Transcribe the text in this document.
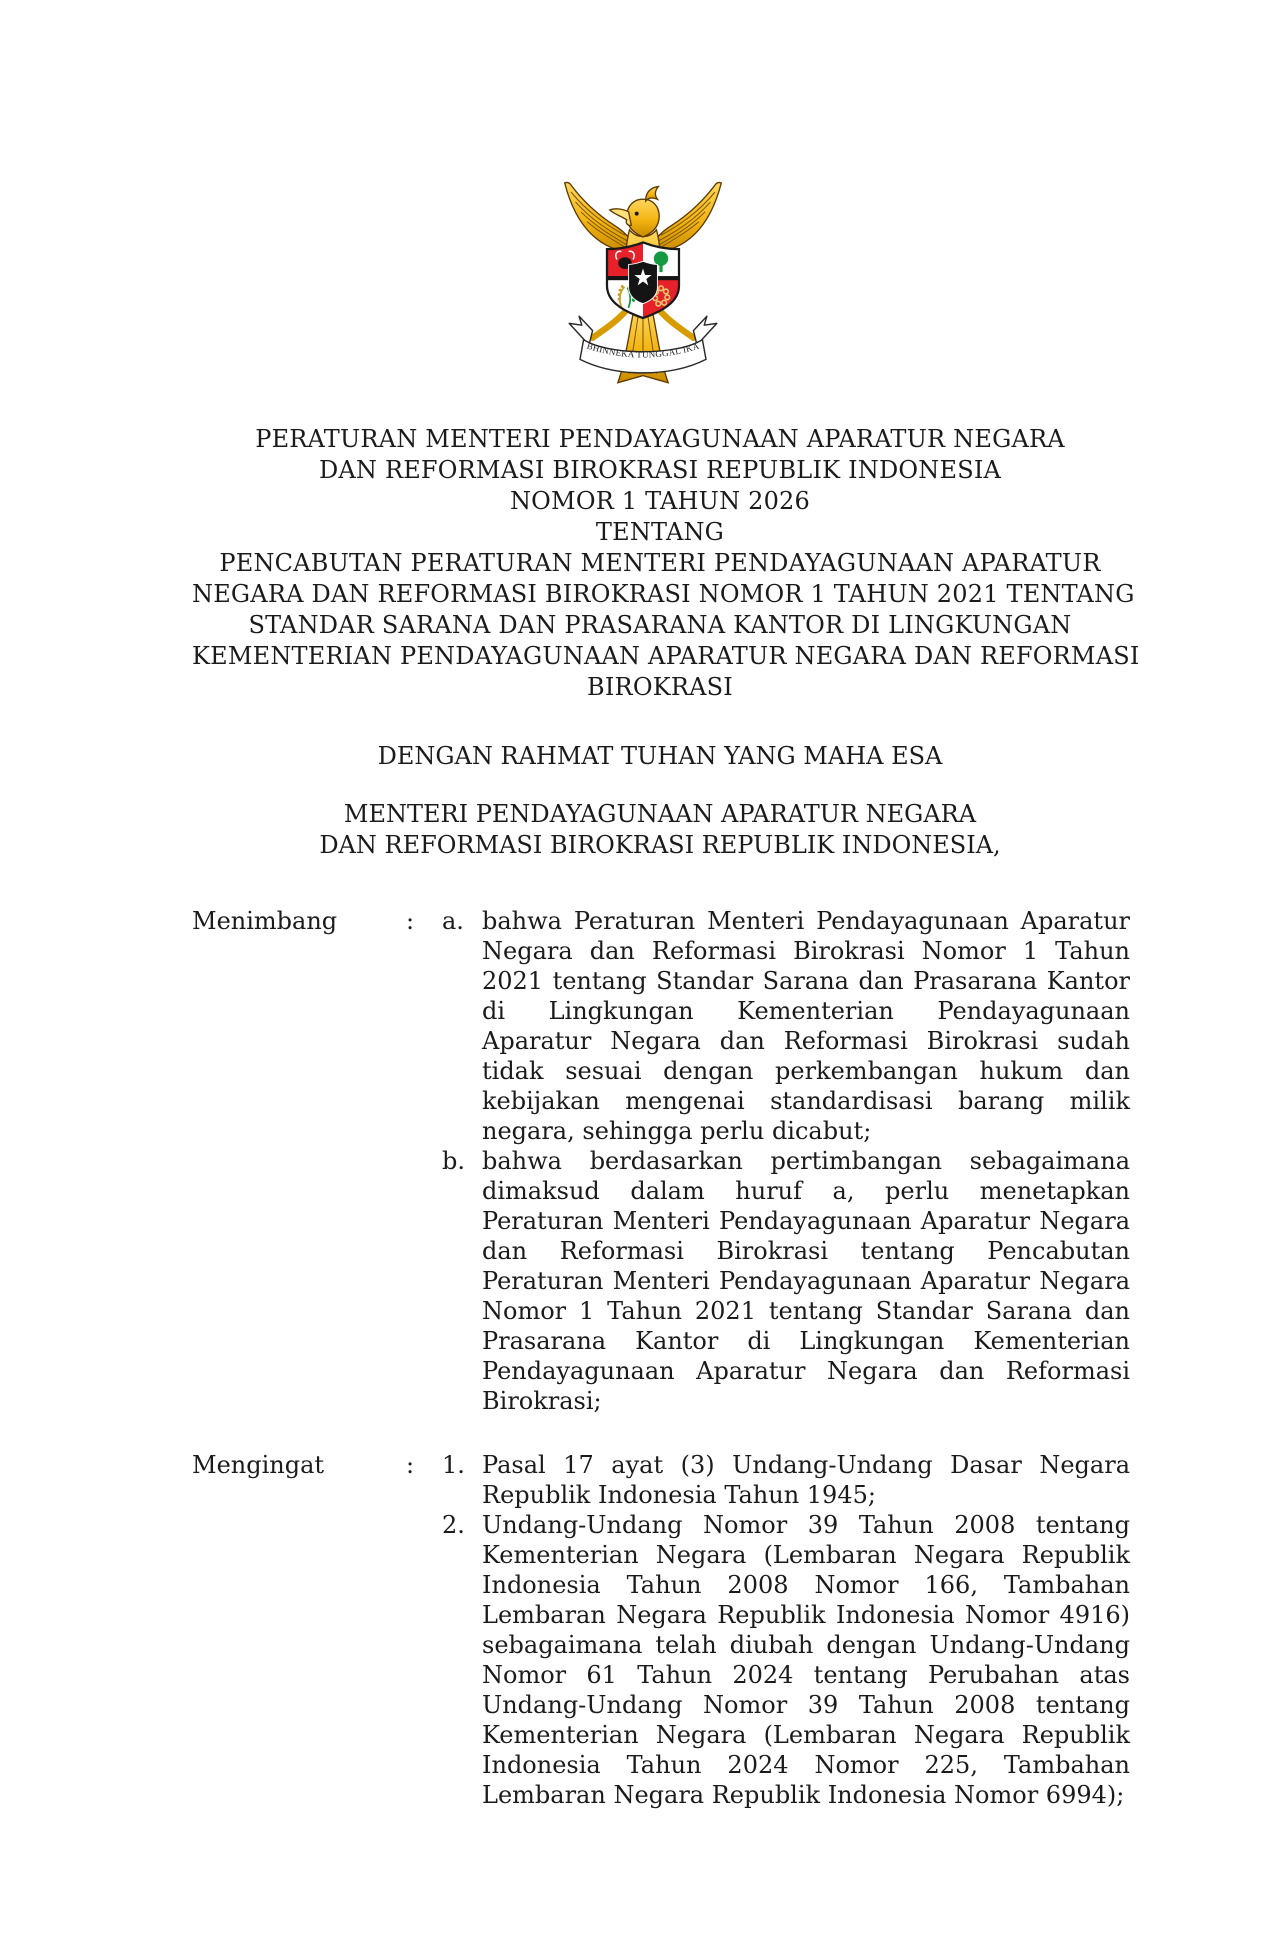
BHINNEKA TUNGGAL IKA
PERATURAN MENTERI PENDAYAGUNAAN APARATUR NEGARA
DAN REFORMASI BIROKRASI REPUBLIK INDONESIA
NOMOR 1 TAHUN 2026
TENTANG
PENCABUTAN PERATURAN MENTERI PENDAYAGUNAAN APARATUR
NEGARA DAN REFORMASI BIROKRASI NOMOR 1 TAHUN 2021 TENTANG
STANDAR SARANA DAN PRASARANA KANTOR DI LINGKUNGAN
KEMENTERIAN PENDAYAGUNAAN APARATUR NEGARA DAN REFORMASI
BIROKRASI
DENGAN RAHMAT TUHAN YANG MAHA ESA
MENTERI PENDAYAGUNAAN APARATUR NEGARA
DAN REFORMASI BIROKRASI REPUBLIK INDONESIA,
Menimbang	:	a. bahwa Peraturan Menteri Pendayagunaan Aparatur Negara dan Reformasi Birokrasi Nomor 1 Tahun 2021 tentang Standar Sarana dan Prasarana Kantor di Lingkungan Kementerian Pendayagunaan Aparatur Negara dan Reformasi Birokrasi sudah tidak sesuai dengan perkembangan hukum dan kebijakan mengenai standardisasi barang milik negara, sehingga perlu dicabut;
b. bahwa berdasarkan pertimbangan sebagaimana dimaksud dalam huruf a, perlu menetapkan Peraturan Menteri Pendayagunaan Aparatur Negara dan Reformasi Birokrasi tentang Pencabutan Peraturan Menteri Pendayagunaan Aparatur Negara Nomor 1 Tahun 2021 tentang Standar Sarana dan Prasarana Kantor di Lingkungan Kementerian Pendayagunaan Aparatur Negara dan Reformasi Birokrasi;
Mengingat	:	1. Pasal 17 ayat (3) Undang-Undang Dasar Negara Republik Indonesia Tahun 1945;
2. Undang-Undang Nomor 39 Tahun 2008 tentang Kementerian Negara (Lembaran Negara Republik Indonesia Tahun 2008 Nomor 166, Tambahan Lembaran Negara Republik Indonesia Nomor 4916) sebagaimana telah diubah dengan Undang-Undang Nomor 61 Tahun 2024 tentang Perubahan atas Undang-Undang Nomor 39 Tahun 2008 tentang Kementerian Negara (Lembaran Negara Republik Indonesia Tahun 2024 Nomor 225, Tambahan Lembaran Negara Republik Indonesia Nomor 6994);
